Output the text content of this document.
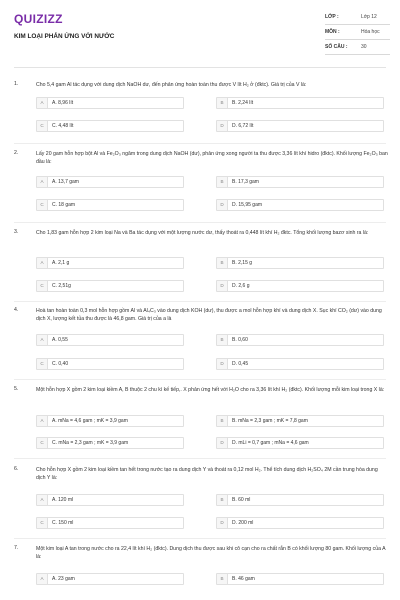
QUIZIZZ
KIM LOẠI PHẢN ỨNG VỚI NƯỚC
LỚP :	Lớp 12
MÔN :	Hóa học
SỐ CÂU :	30
1.	Cho 5,4 gam Al tác dụng với dung dịch NaOH dư, đến phản ứng hoàn toàn thu được V lít H₂ ở (đktc). Giá trị của V là:
A	A. 8,96 lít	B	B. 2,24 lít
C	C. 4,48 lít	D	D. 6,72 lít
2.	Lấy 20 gam hỗn hợp bột Al và Fe₂O₃ ngâm trong dung dịch NaOH (dư), phản ứng xong người ta thu được 3,36 lít khí hidro (đktc). Khối lượng Fe₂O₃ ban đầu là:
A	A. 13,7 gam	B	B. 17,3 gam
C	C. 18 gam	D	D. 15,95 gam
3.	Cho 1,83 gam hỗn hợp 2 kim loại Na và Ba tác dụng với một lượng nước dư, thấy thoát ra 0,448 lít khí H₂ đktc. Tổng khối lượng bazơ sinh ra là:
A	A. 2,1 g	B	B. 2,15 g
C	C. 2,51g	D	D. 2,6 g
4.	Hoà tan hoàn toàn 0,3 mol hỗn hợp gồm Al và Al₄C₃ vào dung dịch KOH (dư), thu được a mol hỗn hợp khí và dung dịch X. Sục khí CO₂ (dư) vào dung dịch X, lượng kết tủa thu được là 46,8 gam. Giá trị của a là
A	A. 0,55	B	B. 0,60
C	C. 0,40	D	D. 0,45
5.	Một hỗn hợp X gồm 2 kim loại kiềm A, B thuộc 2 chu kì kế tiếp,. X phản ứng hết với H₂O cho ra 3,36 lít khí H₂ (đktc). Khối lượng mỗi kim loại trong X là:
A	A. mNa = 4,6 gam ; mK = 3,9 gam	B	B. mNa = 2,3 gam ; mK = 7,8 gam
C	C. mNa = 2,3 gam ; mK = 3,9 gam	D	D. mLi = 0,7 gam ; mNa = 4,6 gam
6.	Cho hỗn hợp X gồm 2 kim loại kiềm tan hết trong nước tạo ra dung dịch Y và thoát ra 0,12 mol H₂. Thể tích dung dịch H₂SO₄ 2M cần trung hòa dung dịch Y là:
A	A. 120 ml	B	B. 60 ml
C	C. 150 ml	D	D. 200 ml
7.	Một kim loại A tan trong nước cho ra 22,4 lít khí H₂ (đktc). Dung dịch thu được sau khi cô cạn cho ra chất rắn B có khối lượng 80 gam. Khối lượng của A là:
A	A. 23 gam	B	B. 46 gam
